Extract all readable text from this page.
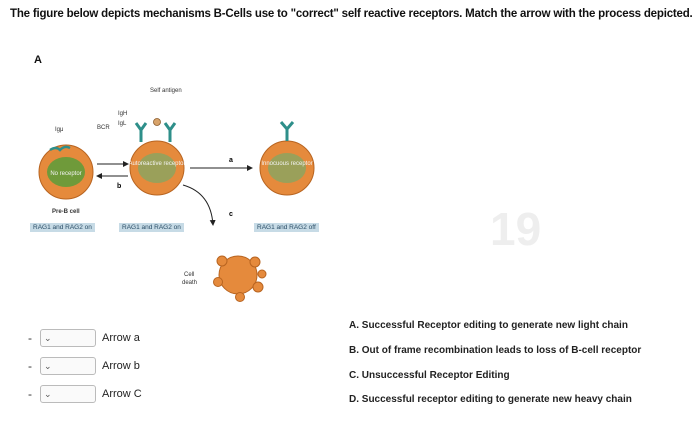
The figure below depicts mechanisms B-Cells use to "correct" self reactive receptors. Match the arrow with the process depicted.
A
19
No receptor
Autoreactive receptor
Self antigen
IgH
IgL
BCR
Igμ
b
a	Innocuous receptor
c
Cell
death
Pre-B cell
RAG1 and RAG2 on	RAG1 and RAG2 on	RAG1 and RAG2 off
-	⌄	Arrow a
-	⌄	Arrow b
-	⌄	Arrow C
A. Successful Receptor editing to generate new light chain
B. Out of frame recombination leads to loss of B-cell receptor
C. Unsuccessful Receptor Editing
D. Successful receptor editing to generate new heavy chain
